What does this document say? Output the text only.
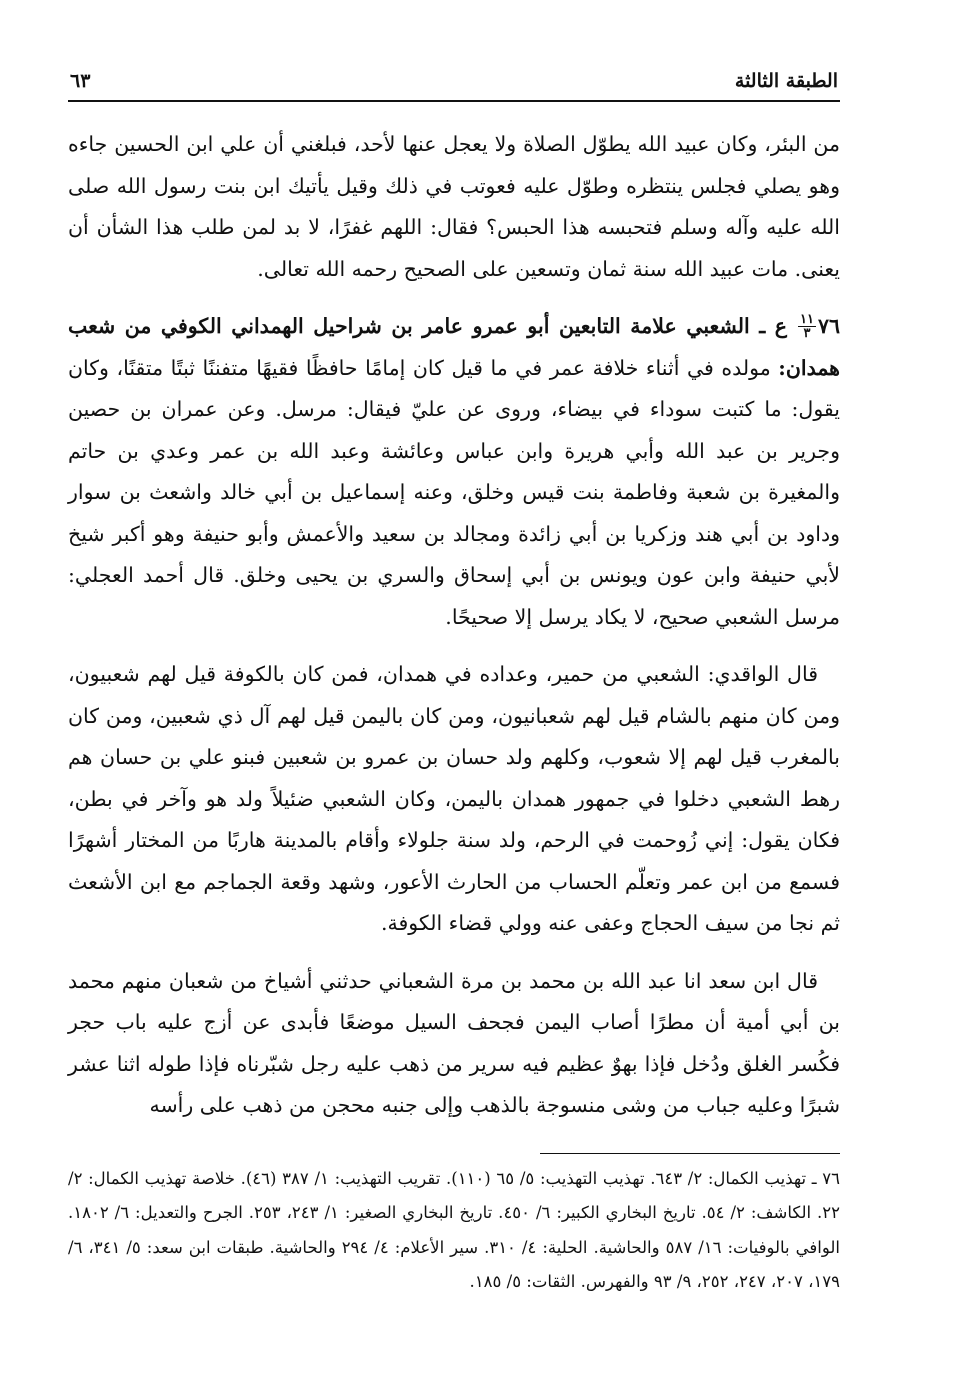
الطبقة الثالثة
٦٣

من البئر، وكان عبيد الله يطوّل الصلاة ولا يعجل عنها لأحد، فبلغني أن علي ابن الحسين جاءه وهو يصلي فجلس ينتظره وطوّل عليه فعوتب في ذلك وقيل يأتيك ابن بنت رسول الله صلى الله عليه وآله وسلم فتحبسه هذا الحبس؟ فقال: اللهم غفرًا، لا بد لمن طلب هذا الشأن أن يعنى. مات عبيد الله سنة ثمان وتسعين على الصحيح رحمه الله تعالى.

٧٦
$\frac{١١}{٣}$
ع ـ الشعبي علامة التابعين أبو عمرو عامر بن شراحيل الهمداني الكوفي من شعب همدان: مولده في أثناء خلافة عمر في ما قيل كان إمامًا حافظًا فقيهًا متفننًا ثبتًا متقنًا، وكان يقول: ما كتبت سوداء في بيضاء، وروى عن عليّ فيقال: مرسل. وعن عمران بن حصين وجرير بن عبد الله وأبي هريرة وابن عباس وعائشة وعبد الله بن عمر وعدي بن حاتم والمغيرة بن شعبة وفاطمة بنت قيس وخلق، وعنه إسماعيل بن أبي خالد واشعث بن سوار وداود بن أبي هند وزكريا بن أبي زائدة ومجالد بن سعيد والأعمش وأبو حنيفة وهو أكبر شيخ لأبي حنيفة وابن عون ويونس بن أبي إسحاق والسري بن يحيى وخلق. قال أحمد العجلي: مرسل الشعبي صحيح، لا يكاد يرسل إلا صحيحًا.

قال الواقدي: الشعبي من حمير، وعداده في همدان، فمن كان بالكوفة قيل لهم شعبيون، ومن كان منهم بالشام قيل لهم شعبانيون، ومن كان باليمن قيل لهم آل ذي شعبين، ومن كان بالمغرب قيل لهم إلا شعوب، وكلهم ولد حسان بن عمرو بن شعبين فبنو علي بن حسان هم رهط الشعبي دخلوا في جمهور همدان باليمن، وكان الشعبي ضئيلاً ولد هو وآخر في بطن، فكان يقول: إني زُوحمت في الرحم، ولد سنة جلولاء وأقام بالمدينة هاربًا من المختار أشهرًا فسمع من ابن عمر وتعلّم الحساب من الحارث الأعور، وشهد وقعة الجماجم مع ابن الأشعث ثم نجا من سيف الحجاج وعفى عنه وولي قضاء الكوفة.

قال ابن سعد انا عبد الله بن محمد بن مرة الشعباني حدثني أشياخ من شعبان منهم محمد بن أبي أمية أن مطرًا أصاب اليمن فجحف السيل موضعًا فأبدى عن أزج عليه باب حجر فكُسر الغلق ودُخل فإذا بهوٌ عظيم فيه سرير من ذهب عليه رجل شبّرناه فإذا طوله اثنا عشر شبرًا وعليه جباب من وشى منسوجة بالذهب وإلى جنبه محجن من ذهب على رأسه

٧٦ ـ تهذيب الكمال: ٢/ ٦٤٣. تهذيب التهذيب: ٥/ ٦٥ (١١٠). تقريب التهذيب: ١/ ٣٨٧ (٤٦). خلاصة تهذيب الكمال: ٢/ ٢٢. الكاشف: ٢/ ٥٤. تاريخ البخاري الكبير: ٦/ ٤٥٠. تاريخ البخاري الصغير: ١/ ٢٤٣، ٢٥٣. الجرح والتعديل: ٦/ ١٨٠٢. الوافي بالوفيات: ١٦/ ٥٨٧ والحاشية. الحلية: ٤/ ٣١٠. سير الأعلام: ٤/ ٢٩٤ والحاشية. طبقات ابن سعد: ٥/ ٣٤١، ٦/ ١٧٩، ٢٠٧، ٢٤٧، ٢٥٢، ٩/ ٩٣ والفهرس. الثقات: ٥/ ١٨٥.
